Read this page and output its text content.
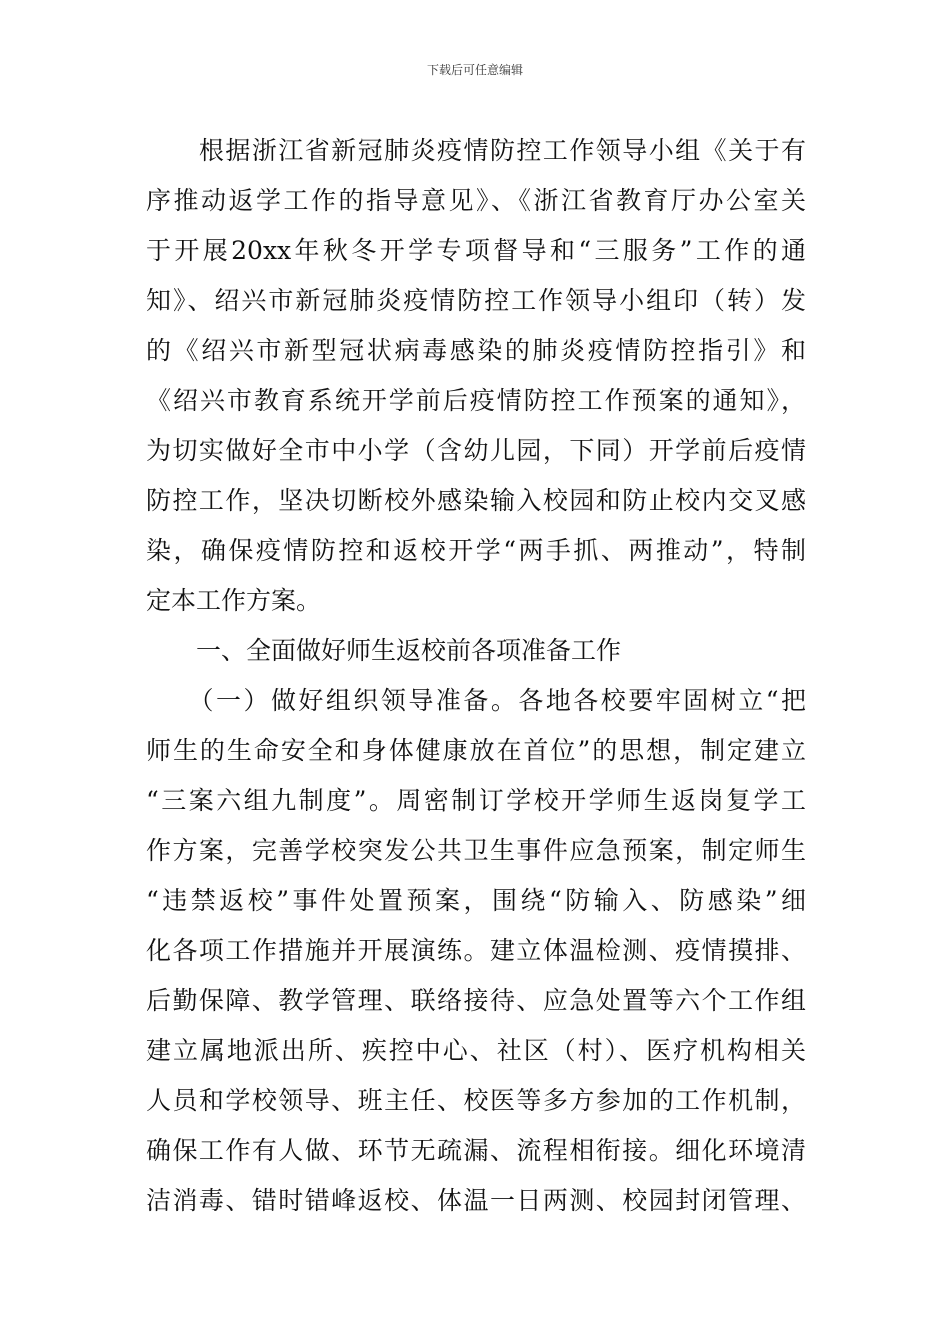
下载后可任意编辑
　　根据浙江省新冠肺炎疫情防控工作领导小组《关于有
序推动返学工作的指导意见》、《浙江省教育厅办公室关
于开展20xx年秋冬开学专项督导和“三服务”工作的通
知》、绍兴市新冠肺炎疫情防控工作领导小组印（转）发
的《绍兴市新型冠状病毒感染的肺炎疫情防控指引》和
《绍兴市教育系统开学前后疫情防控工作预案的通知》，
为切实做好全市中小学（含幼儿园，下同）开学前后疫情
防控工作，坚决切断校外感染输入校园和防止校内交叉感
染，确保疫情防控和返校开学“两手抓、两推动”，特制
定本工作方案。
　　一、全面做好师生返校前各项准备工作
　　（一）做好组织领导准备。各地各校要牢固树立“把
师生的生命安全和身体健康放在首位”的思想，制定建立
“三案六组九制度”。周密制订学校开学师生返岗复学工
作方案，完善学校突发公共卫生事件应急预案，制定师生
“违禁返校”事件处置预案，围绕“防输入、防感染”细
化各项工作措施并开展演练。建立体温检测、疫情摸排、
后勤保障、教学管理、联络接待、应急处置等六个工作组
建立属地派出所、疾控中心、社区（村）、医疗机构相关
人员和学校领导、班主任、校医等多方参加的工作机制，
确保工作有人做、环节无疏漏、流程相衔接。细化环境清
洁消毒、错时错峰返校、体温一日两测、校园封闭管理、
